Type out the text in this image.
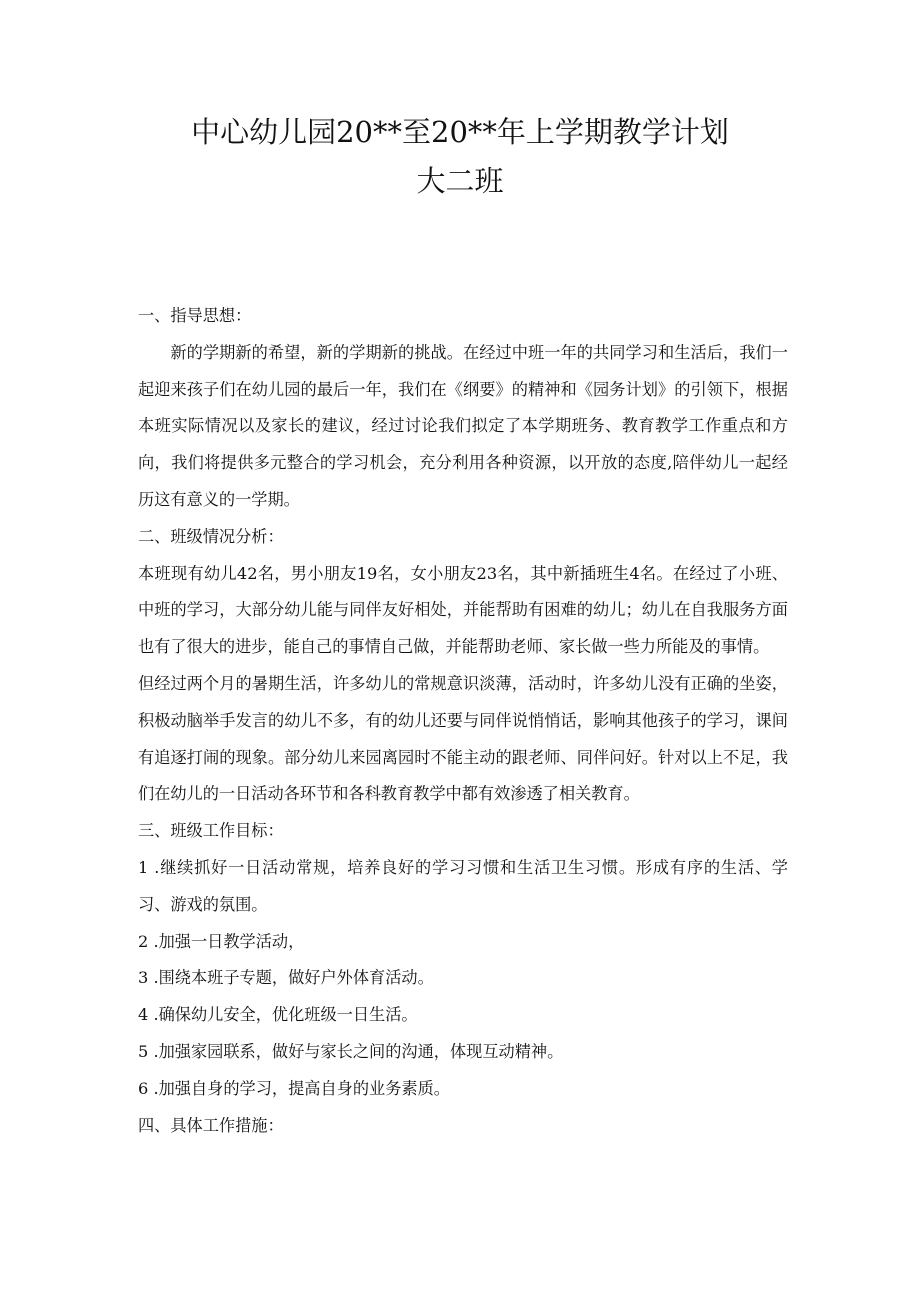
中心幼儿园20**至20**年上学期教学计划
大二班

一、指导思想：

新的学期新的希望，新的学期新的挑战。在经过中班一年的共同学习和生活后，我们一起迎来孩子们在幼儿园的最后一年，我们在《纲要》的精神和《园务计划》的引领下，根据本班实际情况以及家长的建议，经过讨论我们拟定了本学期班务、教育教学工作重点和方向，我们将提供多元整合的学习机会，充分利用各种资源，以开放的态度,陪伴幼儿一起经历这有意义的一学期。

二、班级情况分析：

本班现有幼儿42名，男小朋友19名，女小朋友23名，其中新插班生4名。在经过了小班、中班的学习，大部分幼儿能与同伴友好相处，并能帮助有困难的幼儿；幼儿在自我服务方面也有了很大的进步，能自己的事情自己做，并能帮助老师、家长做一些力所能及的事情。

但经过两个月的暑期生活，许多幼儿的常规意识淡薄，活动时，许多幼儿没有正确的坐姿，积极动脑举手发言的幼儿不多，有的幼儿还要与同伴说悄悄话，影响其他孩子的学习，课间有追逐打闹的现象。部分幼儿来园离园时不能主动的跟老师、同伴问好。针对以上不足，我们在幼儿的一日活动各环节和各科教育教学中都有效渗透了相关教育。

三、班级工作目标：

1 .继续抓好一日活动常规，培养良好的学习习惯和生活卫生习惯。形成有序的生活、学习、游戏的氛围。

2 .加强一日教学活动，

3 .围绕本班子专题，做好户外体育活动。

4 .确保幼儿安全，优化班级一日生活。

5 .加强家园联系，做好与家长之间的沟通，体现互动精神。

6 .加强自身的学习，提高自身的业务素质。

四、具体工作措施：
